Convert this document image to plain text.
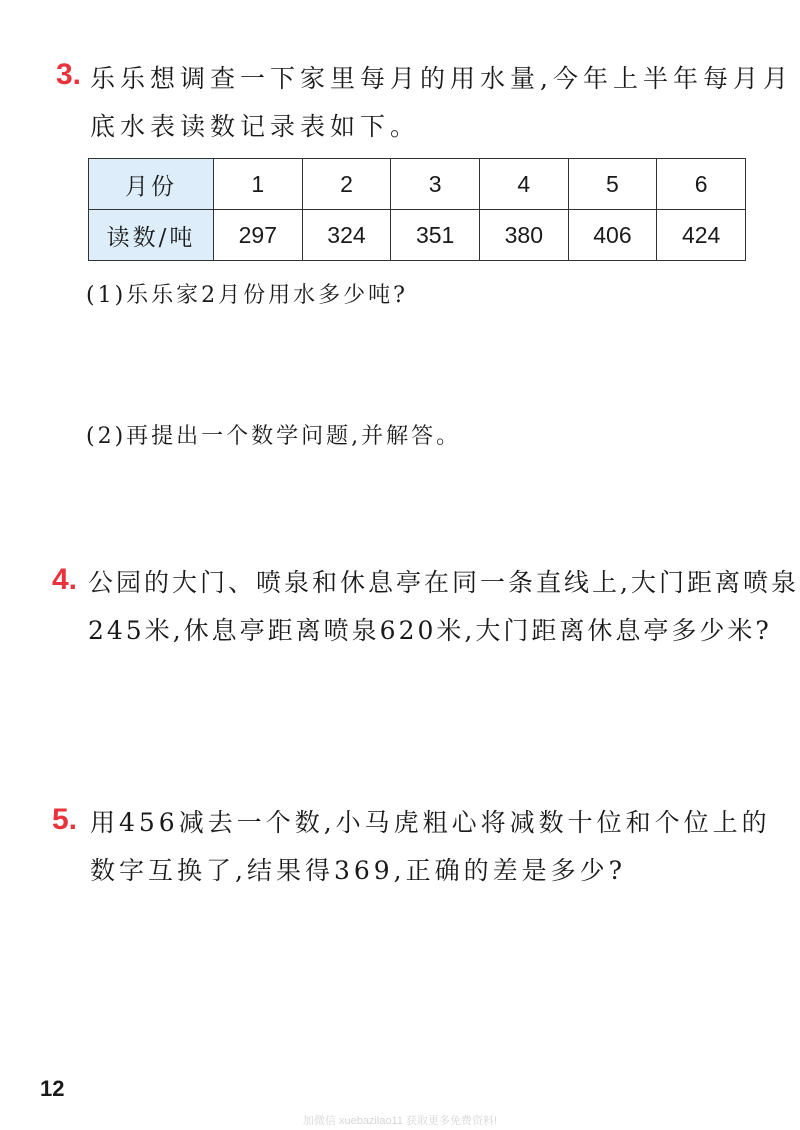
3. 乐乐想调查一下家里每月的用水量,今年上半年每月月
底水表读数记录表如下。
月份	1	2	3	4	5	6
读数/吨	297	324	351	380	406	424
(1)乐乐家2月份用水多少吨?
(2)再提出一个数学问题,并解答。
4. 公园的大门、喷泉和休息亭在同一条直线上,大门距离喷泉
245米,休息亭距离喷泉620米,大门距离休息亭多少米?
5. 用456减去一个数,小马虎粗心将减数十位和个位上的
数字互换了,结果得369,正确的差是多少?
12
加微信 xuebazilao11 获取更多免费资料!
